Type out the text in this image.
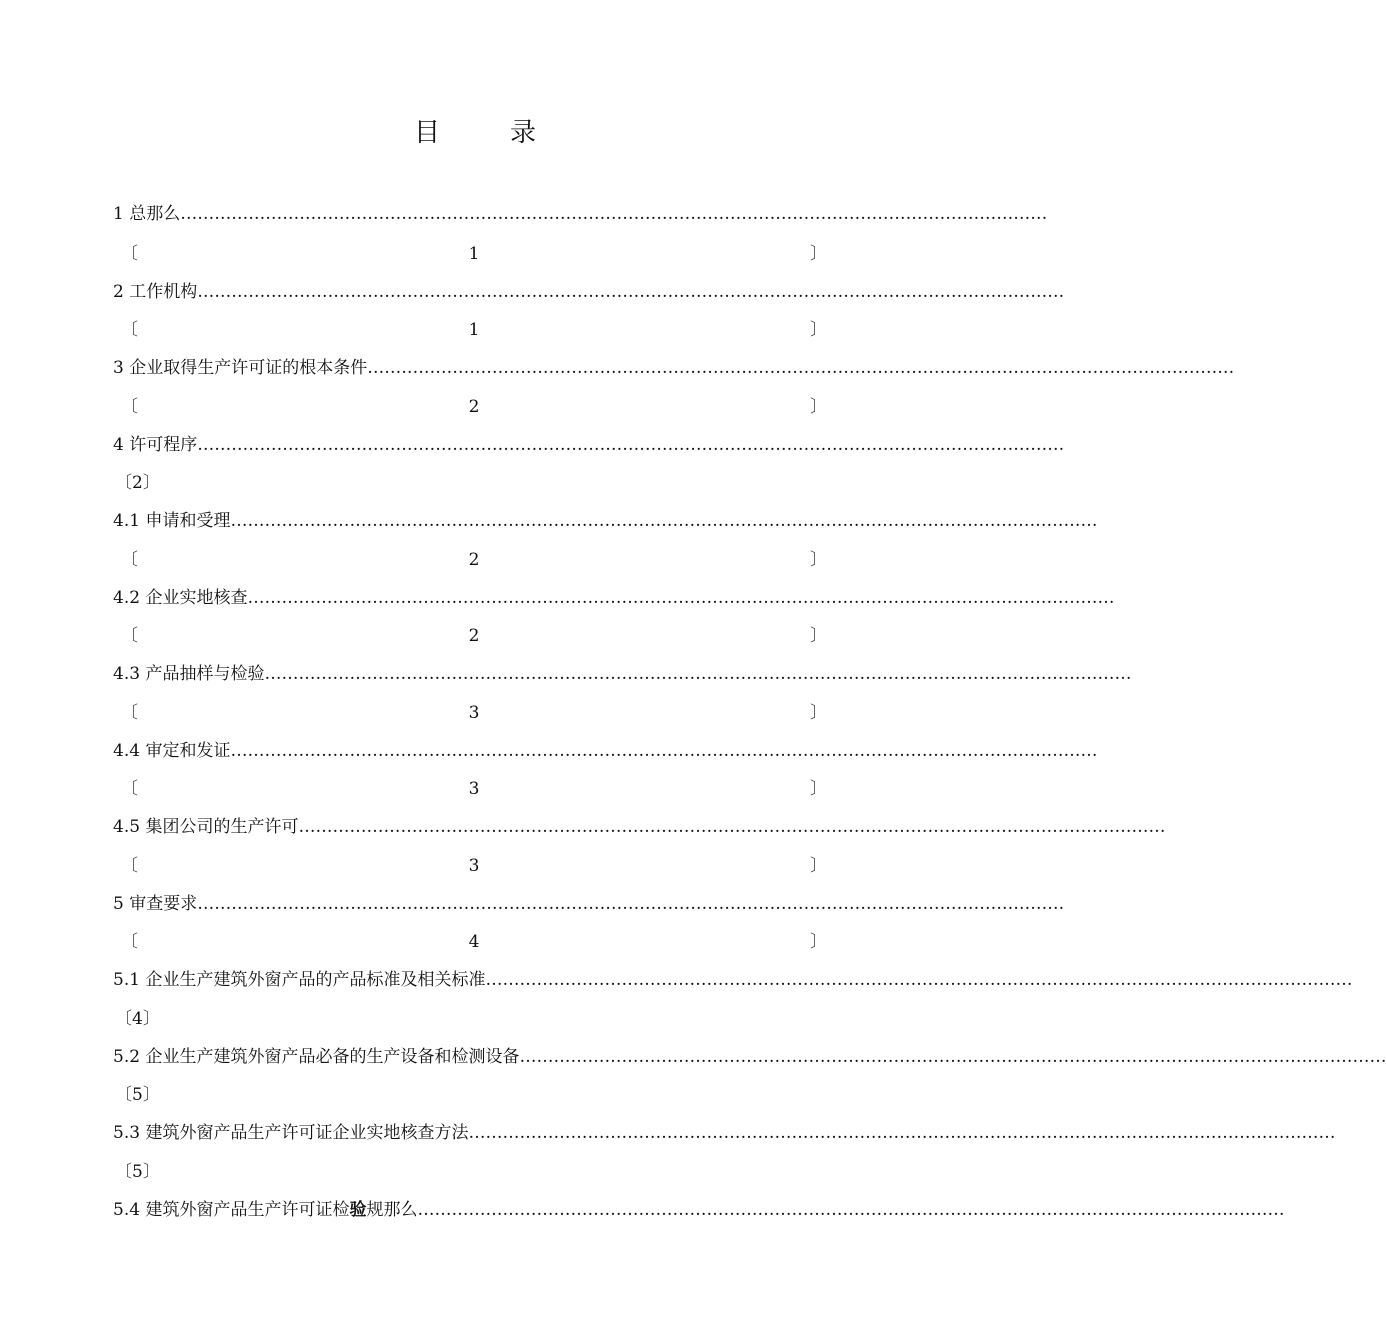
目	录
1 总那么 ………………………………………………………………………………………………………………………………………
〔	1	〕
2 工作机构 ………………………………………………………………………………………………………………………………………
〔	1	〕
3 企业取得生产许可证的根本条件 ………………………………………………………………………………………………………………………………………
〔	2	〕
4 许可程序 ………………………………………………………………………………………………………………………………………
〔2〕
4.1 申请和受理 ………………………………………………………………………………………………………………………………………
〔	2	〕
4.2 企业实地核查 ………………………………………………………………………………………………………………………………………
〔	2	〕
4.3 产品抽样与检验 ………………………………………………………………………………………………………………………………………
〔	3	〕
4.4 审定和发证 ………………………………………………………………………………………………………………………………………
〔	3	〕
4.5 集团公司的生产许可 ………………………………………………………………………………………………………………………………………
〔	3	〕
5 审查要求 ………………………………………………………………………………………………………………………………………
〔	4	〕
5.1 企业生产建筑外窗产品的产品标准及相关标准 ………………………………………………………………………………………………………………………………………
〔4〕
5.2 企业生产建筑外窗产品必备的生产设备和检测设备 ………………………………………………………………………………………………………………………………………
〔5〕
5.3 建筑外窗产品生产许可证企业实地核查方法 ………………………………………………………………………………………………………………………………………
〔5〕
5.4 建筑外窗产品生产许可证检验规那么 ………………………………………………………………………………………………………………………………………
